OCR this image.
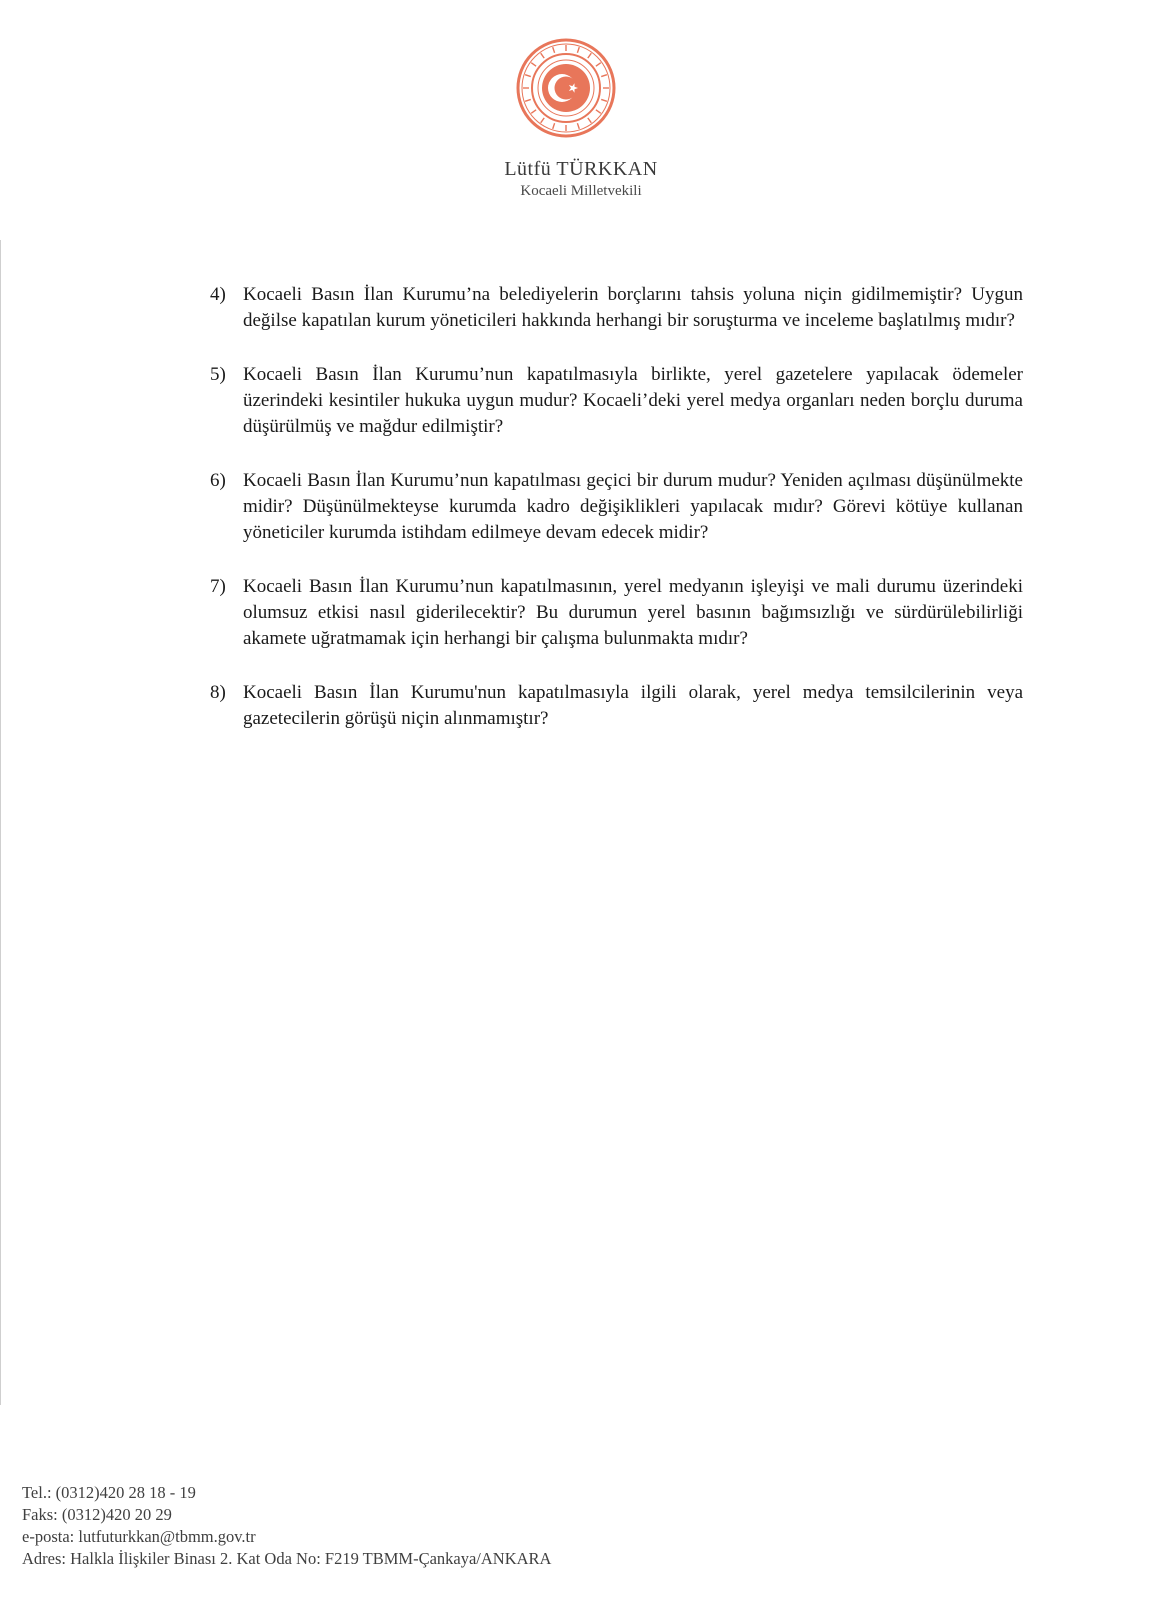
Lütfü TÜRKKAN
Kocaeli Milletvekili
4) Kocaeli Basın İlan Kurumu’na belediyelerin borçlarını tahsis yoluna niçin gidilmemiştir? Uygun değilse kapatılan kurum yöneticileri hakkında herhangi bir soruşturma ve inceleme başlatılmış mıdır?
5) Kocaeli Basın İlan Kurumu’nun kapatılmasıyla birlikte, yerel gazetelere yapılacak ödemeler üzerindeki kesintiler hukuka uygun mudur? Kocaeli’deki yerel medya organları neden borçlu duruma düşürülmüş ve mağdur edilmiştir?
6) Kocaeli Basın İlan Kurumu’nun kapatılması geçici bir durum mudur? Yeniden açılması düşünülmekte midir? Düşünülmekteyse kurumda kadro değişiklikleri yapılacak mıdır? Görevi kötüye kullanan yöneticiler kurumda istihdam edilmeye devam edecek midir?
7) Kocaeli Basın İlan Kurumu’nun kapatılmasının, yerel medyanın işleyişi ve mali durumu üzerindeki olumsuz etkisi nasıl giderilecektir? Bu durumun yerel basının bağımsızlığı ve sürdürülebilirliği akamete uğratmamak için herhangi bir çalışma bulunmakta mıdır?
8) Kocaeli Basın İlan Kurumu'nun kapatılmasıyla ilgili olarak, yerel medya temsilcilerinin veya gazetecilerin görüşü niçin alınmamıştır?
Tel.: (0312)420 28 18 - 19
Faks: (0312)420 20 29
e-posta: lutfuturkkan@tbmm.gov.tr
Adres: Halkla İlişkiler Binası 2. Kat Oda No: F219 TBMM-Çankaya/ANKARA
